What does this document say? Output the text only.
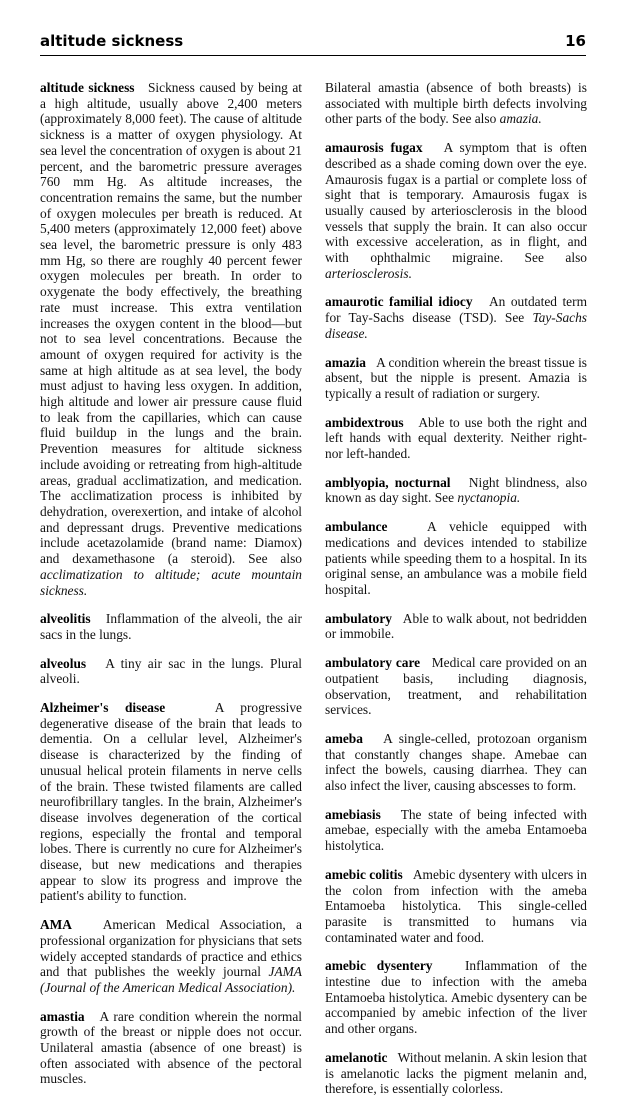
altitude sickness	16

altitude sickness Sickness caused by being at a high altitude, usually above 2,400 meters (approximately 8,000 feet). The cause of altitude sickness is a matter of oxygen physiology. At sea level the concentration of oxygen is about 21 percent, and the barometric pressure averages 760 mm Hg. As altitude increases, the concentration remains the same, but the number of oxygen molecules per breath is reduced. At 5,400 meters (approximately 12,000 feet) above sea level, the barometric pressure is only 483 mm Hg, so there are roughly 40 percent fewer oxygen molecules per breath. In order to oxygenate the body effectively, the breathing rate must increase. This extra ventilation increases the oxygen content in the blood—but not to sea level concentrations. Because the amount of oxygen required for activity is the same at high altitude as at sea level, the body must adjust to having less oxygen. In addition, high altitude and lower air pressure cause fluid to leak from the capillaries, which can cause fluid buildup in the lungs and the brain. Prevention measures for altitude sickness include avoiding or retreating from high-altitude areas, gradual acclimatization, and medication. The acclimatization process is inhibited by dehydration, overexertion, and intake of alcohol and depressant drugs. Preventive medications include acetazolamide (brand name: Diamox) and dexamethasone (a steroid). See also acclimatization to altitude; acute mountain sickness.

alveolitis Inflammation of the alveoli, the air sacs in the lungs.

alveolus A tiny air sac in the lungs. Plural alveoli.

Alzheimer's disease	A progressive degenerative disease of the brain that leads to dementia. On a cellular level, Alzheimer's disease is characterized by the finding of unusual helical protein filaments in nerve cells of the brain. These twisted filaments are called neurofibrillary tangles. In the brain, Alzheimer's disease involves degeneration of the cortical regions, especially the frontal and temporal lobes. There is currently no cure for Alzheimer's disease, but new medications and therapies appear to slow its progress and improve the patient's ability to function.

AMA American Medical Association, a professional organization for physicians that sets widely accepted standards of practice and ethics and that publishes the weekly journal JAMA (Journal of the American Medical Association).

amastia A rare condition wherein the normal growth of the breast or nipple does not occur. Unilateral amastia (absence of one breast) is often associated with absence of the pectoral muscles.

Bilateral amastia (absence of both breasts) is associated with multiple birth defects involving other parts of the body. See also amazia.

amaurosis fugax A symptom that is often described as a shade coming down over the eye. Amaurosis fugax is a partial or complete loss of sight that is temporary. Amaurosis fugax is usually caused by arteriosclerosis in the blood vessels that supply the brain. It can also occur with excessive acceleration, as in flight, and with ophthalmic migraine. See also arteriosclerosis.

amaurotic familial idiocy An outdated term for Tay-Sachs disease (TSD). See Tay-Sachs disease.

amazia A condition wherein the breast tissue is absent, but the nipple is present. Amazia is typically a result of radiation or surgery.

ambidextrous Able to use both the right and left hands with equal dexterity. Neither right- nor left-handed.

amblyopia, nocturnal Night blindness, also known as day sight. See nyctanopia.

ambulance	A vehicle equipped with medications and devices intended to stabilize patients while speeding them to a hospital. In its original sense, an ambulance was a mobile field hospital.

ambulatory Able to walk about, not bedridden or immobile.

ambulatory care Medical care provided on an outpatient basis, including diagnosis, observation, treatment, and rehabilitation services.

ameba A single-celled, protozoan organism that constantly changes shape. Amebae can infect the bowels, causing diarrhea. They can also infect the liver, causing abscesses to form.

amebiasis The state of being infected with amebae, especially with the ameba Entamoeba histolytica.

amebic colitis Amebic dysentery with ulcers in the colon from infection with the ameba Entamoeba histolytica. This single-celled parasite is transmitted to humans via contaminated water and food.

amebic dysentery Inflammation of the intestine due to infection with the ameba Entamoeba histolytica. Amebic dysentery can be accompanied by amebic infection of the liver and other organs.

amelanotic Without melanin. A skin lesion that is amelanotic lacks the pigment melanin and, therefore, is essentially colorless.
